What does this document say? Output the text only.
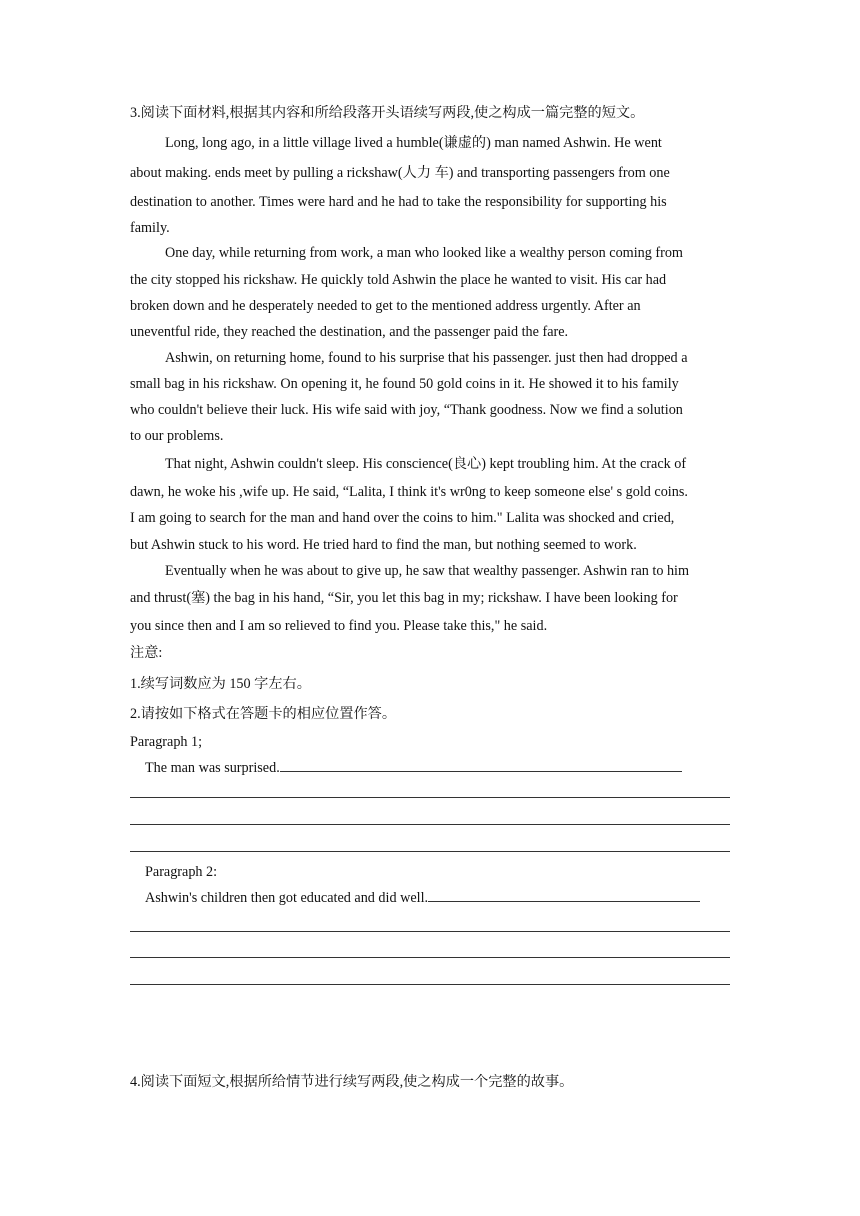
3.阅读下面材料,根据其内容和所给段落开头语续写两段,使之构成一篇完整的短文。
Long, long ago, in a little village lived a humble(谦虚的) man named Ashwin. He went
about making. ends meet by pulling a rickshaw(人力 车) and transporting passengers from one
destination to another. Times were hard and he had to take the responsibility for supporting his
family.
One day, while returning from work, a man who looked like a wealthy person coming from
the city stopped his rickshaw. He quickly told Ashwin the place he wanted to visit. His car had
broken down and he desperately needed to get to the mentioned address urgently. After an
uneventful ride, they reached the destination, and the passenger paid the fare.
Ashwin, on returning home, found to his surprise that his passenger. just then had dropped a
small bag in his rickshaw. On opening it, he found 50 gold coins in it. He showed it to his family
who couldn't believe their luck. His wife said with joy, “Thank goodness. Now we find a solution
to our problems.
That night, Ashwin couldn't sleep. His conscience(良心) kept troubling him. At the crack of
dawn, he woke his ,wife up. He said, “Lalita, I think it's wr0ng to keep someone else' s gold coins.
I am going to search for the man and hand over the coins to him." Lalita was shocked and cried,
but Ashwin stuck to his word. He tried hard to find the man, but nothing seemed to work.
Eventually when he was about to give up, he saw that wealthy passenger. Ashwin ran to him
and thrust(塞) the bag in his hand, “Sir, you let this bag in my; rickshaw. I have been looking for
you since then and I am so relieved to find you. Please take this," he said.
注意:
1.续写词数应为 150 字左右。
2.请按如下格式在答题卡的相应位置作答。
Paragraph 1;
The man was surprised.
Paragraph 2:
Ashwin's children then got educated and did well.
4.阅读下面短文,根据所给情节进行续写两段,使之构成一个完整的故事。
